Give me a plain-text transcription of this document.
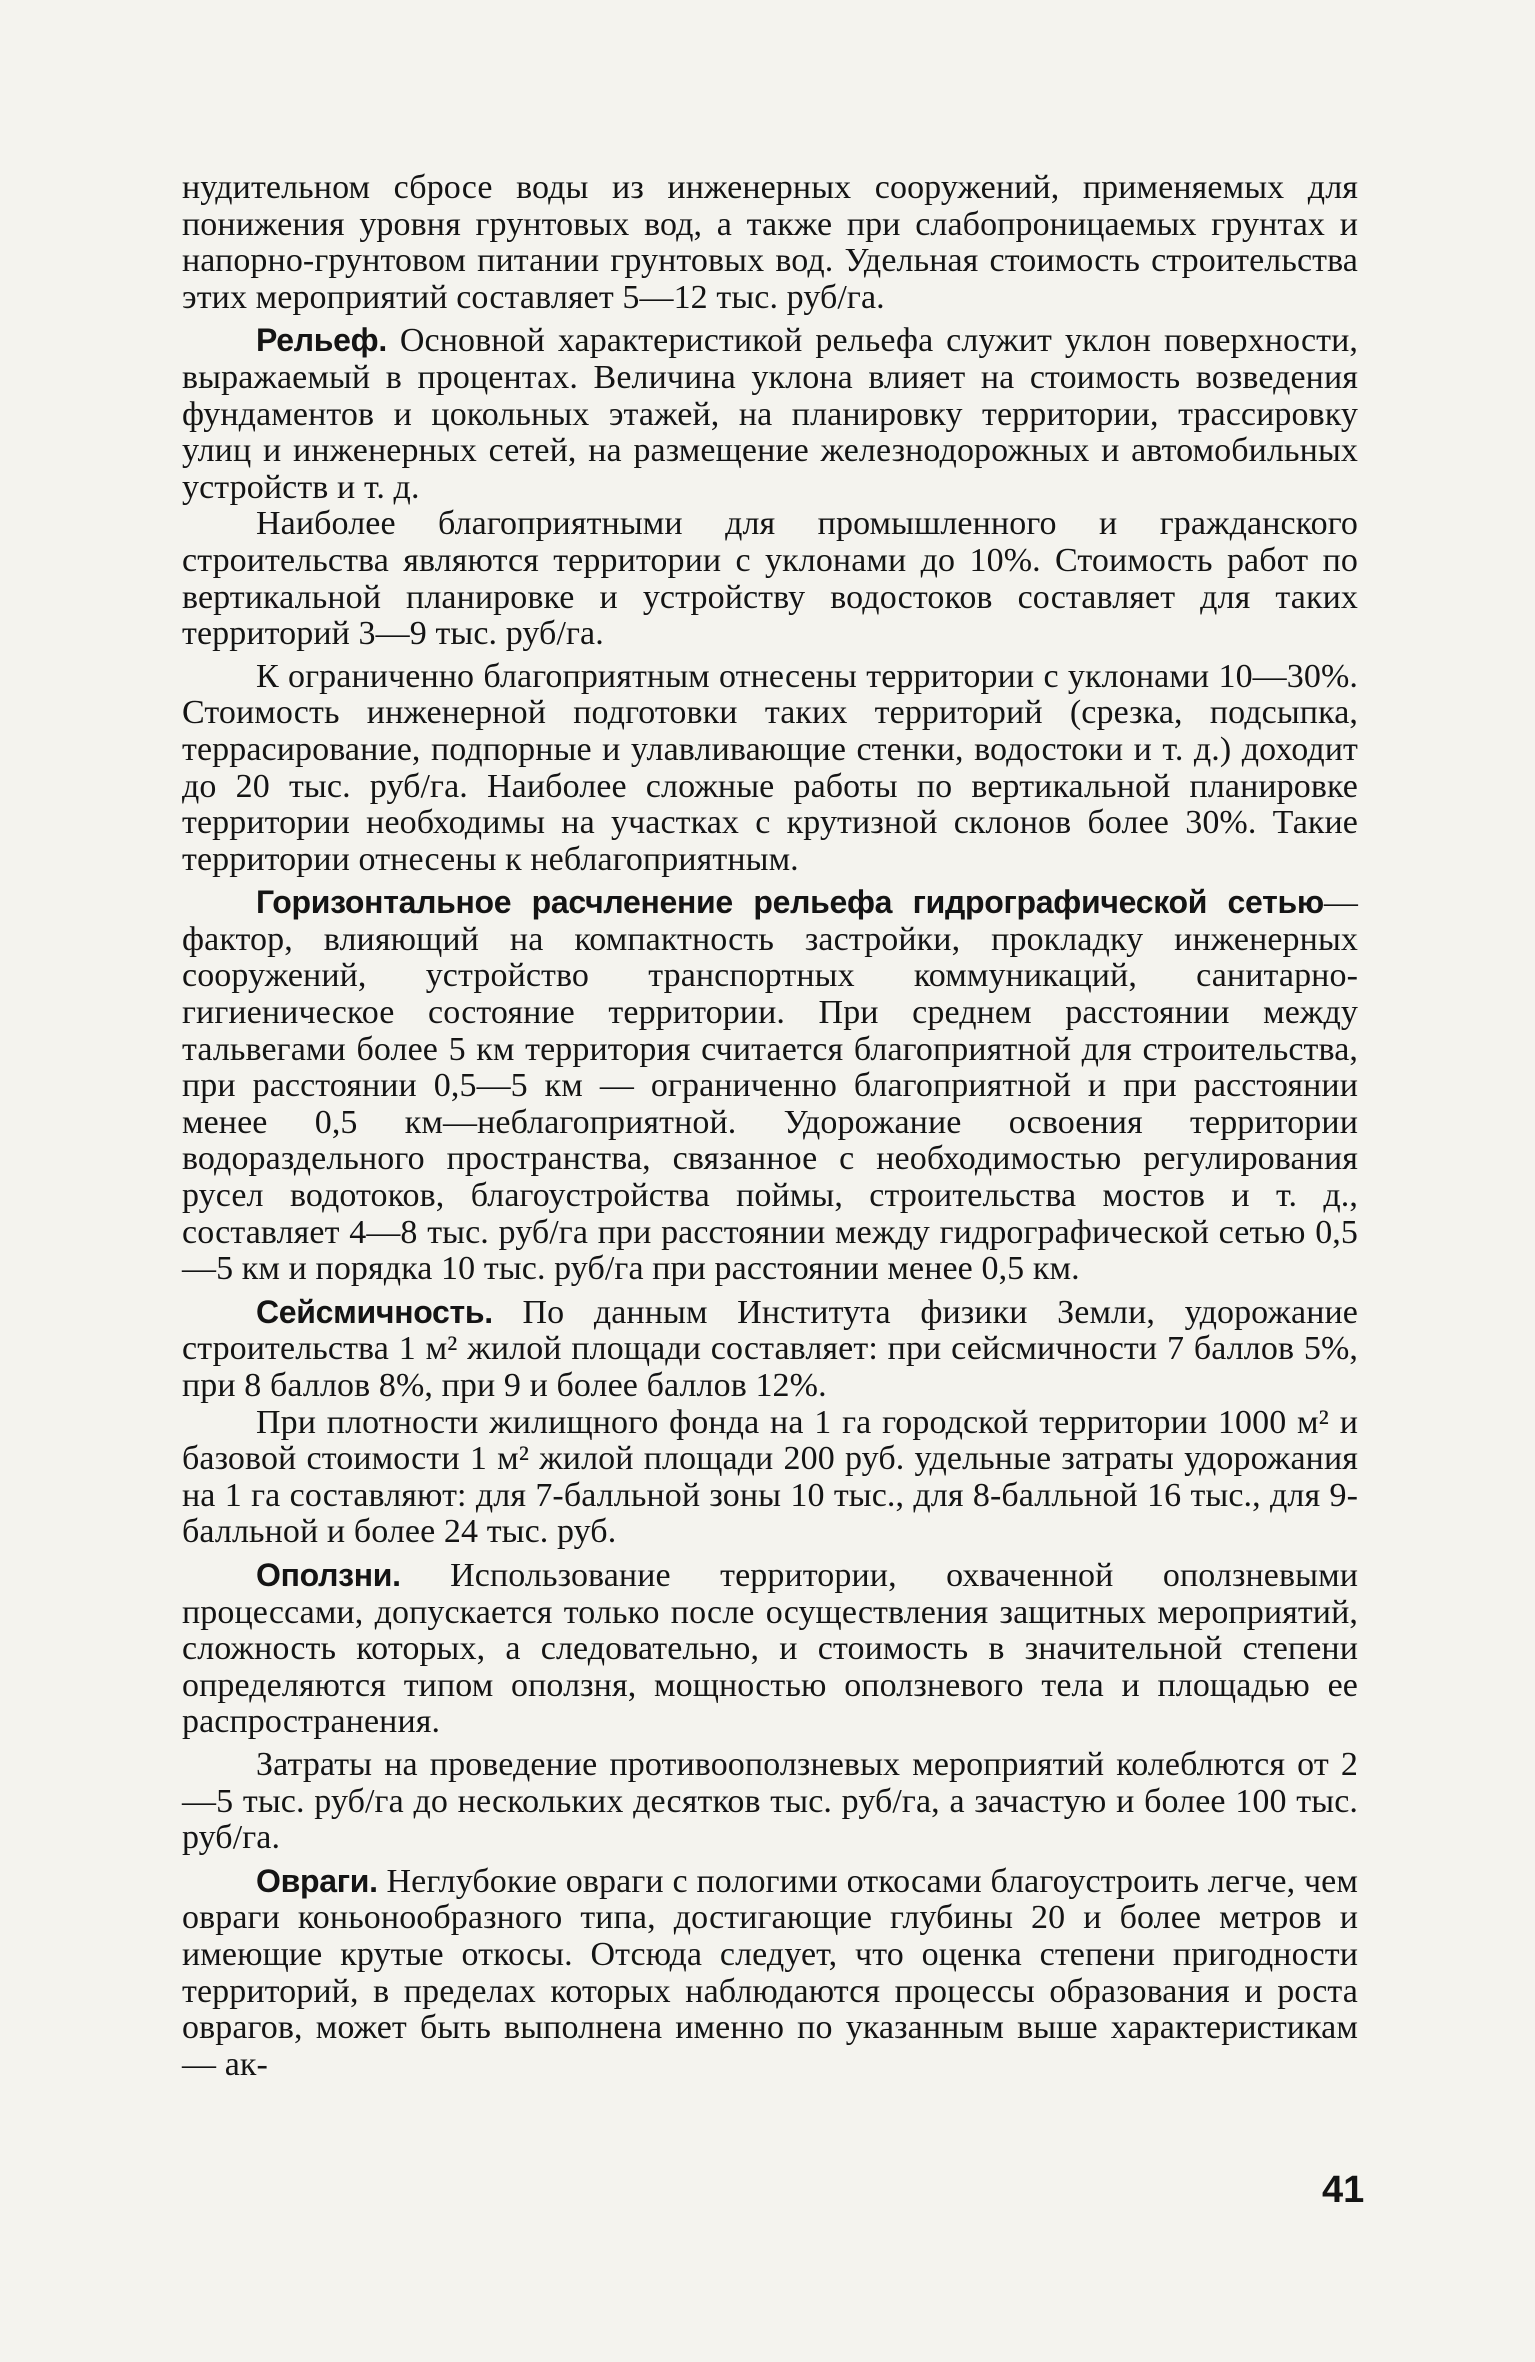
нудительном сбросе воды из инженерных сооружений, применяемых для понижения уровня грунтовых вод, а также при слабопроницаемых грунтах и напорно-грунтовом питании грунтовых вод. Удельная стоимость строительства этих мероприятий составляет 5—12 тыс. руб/га.

Рельеф. Основной характеристикой рельефа служит уклон поверхности, выражаемый в процентах. Величина уклона влияет на стоимость возведения фундаментов и цокольных этажей, на планировку территории, трассировку улиц и инженерных сетей, на размещение железнодорожных и автомобильных устройств и т. д.

Наиболее благоприятными для промышленного и гражданского строительства являются территории с уклонами до 10%. Стоимость работ по вертикальной планировке и устройству водостоков составляет для таких территорий 3—9 тыс. руб/га.

К ограниченно благоприятным отнесены территории с уклонами 10—30%. Стоимость инженерной подготовки таких территорий (срезка, подсыпка, террасирование, подпорные и улавливающие стенки, водостоки и т. д.) доходит до 20 тыс. руб/га. Наиболее сложные работы по вертикальной планировке территории необходимы на участках с крутизной склонов более 30%. Такие территории отнесены к неблагоприятным.

Горизонтальное расчленение рельефа гидрографической сетью— фактор, влияющий на компактность застройки, прокладку инженерных сооружений, устройство транспортных коммуникаций, санитарно-гигиеническое состояние территории. При среднем расстоянии между тальвегами более 5 км территория считается благоприятной для строительства, при расстоянии 0,5—5 км — ограниченно благоприятной и при расстоянии менее 0,5 км—неблагоприятной. Удорожание освоения территории водораздельного пространства, связанное с необходимостью регулирования русел водотоков, благоустройства поймы, строительства мостов и т. д., составляет 4—8 тыс. руб/га при расстоянии между гидрографической сетью 0,5—5 км и порядка 10 тыс. руб/га при расстоянии менее 0,5 км.

Сейсмичность. По данным Института физики Земли, удорожание строительства 1 м² жилой площади составляет: при сейсмичности 7 баллов 5%, при 8 баллов 8%, при 9 и более баллов 12%.

При плотности жилищного фонда на 1 га городской территории 1000 м² и базовой стоимости 1 м² жилой площади 200 руб. удельные затраты удорожания на 1 га составляют: для 7-балльной зоны 10 тыс., для 8-балльной 16 тыс., для 9-балльной и более 24 тыс. руб.

Оползни. Использование территории, охваченной оползневыми процессами, допускается только после осуществления защитных мероприятий, сложность которых, а следовательно, и стоимость в значительной степени определяются типом оползня, мощностью оползневого тела и площадью ее распространения.

Затраты на проведение противооползневых мероприятий колеблются от 2—5 тыс. руб/га до нескольких десятков тыс. руб/га, а зачастую и более 100 тыс. руб/га.

Овраги. Неглубокие овраги с пологими откосами благоустроить легче, чем овраги коньонообразного типа, достигающие глубины 20 и более метров и имеющие крутые откосы. Отсюда следует, что оценка степени пригодности территорий, в пределах которых наблюдаются процессы образования и роста оврагов, может быть выполнена именно по указанным выше характеристикам — ак-

41
